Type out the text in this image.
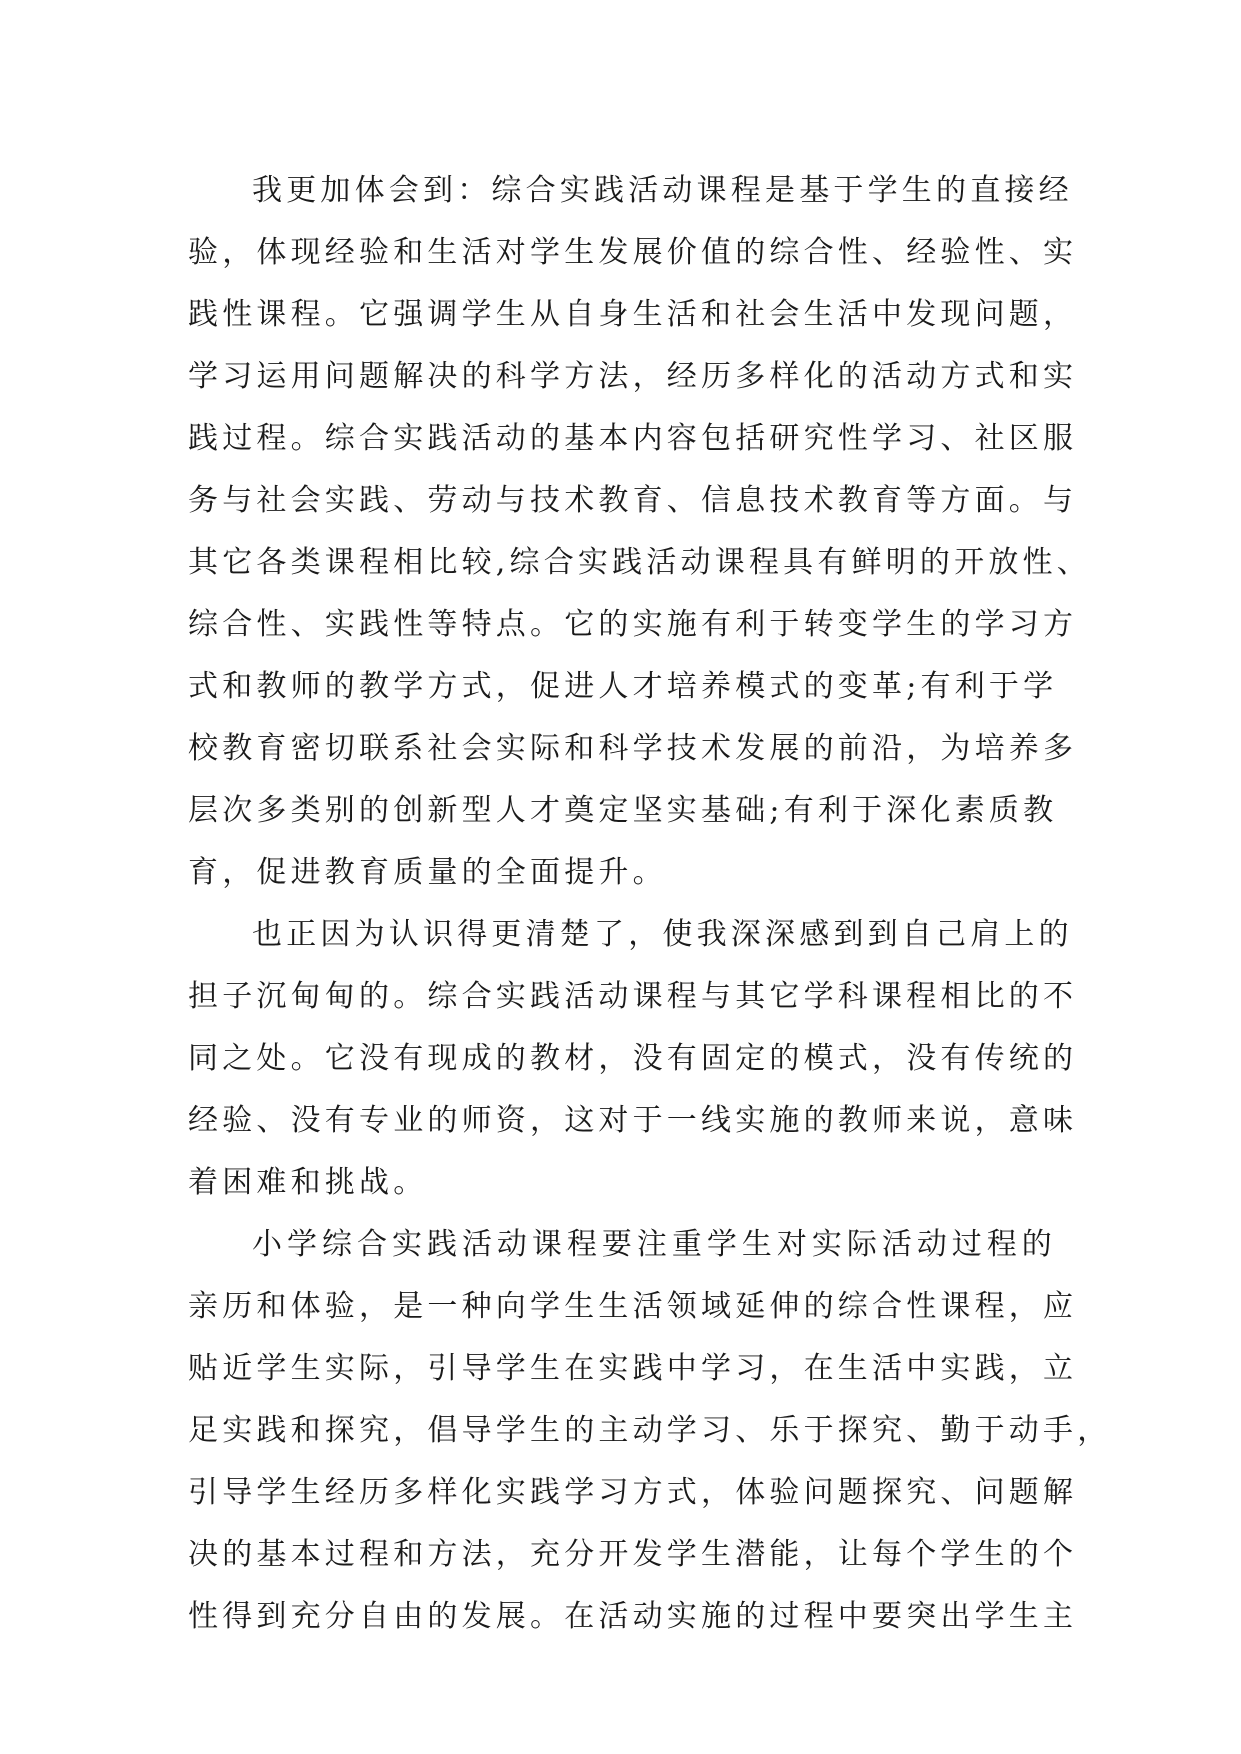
我更加体会到：综合实践活动课程是基于学生的直接经
验，体现经验和生活对学生发展价值的综合性、经验性、实
践性课程。它强调学生从自身生活和社会生活中发现问题，
学习运用问题解决的科学方法，经历多样化的活动方式和实
践过程。综合实践活动的基本内容包括研究性学习、社区服
务与社会实践、劳动与技术教育、信息技术教育等方面。与
其它各类课程相比较,综合实践活动课程具有鲜明的开放性、
综合性、实践性等特点。它的实施有利于转变学生的学习方
式和教师的教学方式，促进人才培养模式的变革;有利于学
校教育密切联系社会实际和科学技术发展的前沿，为培养多
层次多类别的创新型人才奠定坚实基础;有利于深化素质教
育，促进教育质量的全面提升。
也正因为认识得更清楚了，使我深深感到到自己肩上的
担子沉甸甸的。综合实践活动课程与其它学科课程相比的不
同之处。它没有现成的教材，没有固定的模式，没有传统的
经验、没有专业的师资，这对于一线实施的教师来说，意味
着困难和挑战。
小学综合实践活动课程要注重学生对实际活动过程的
亲历和体验，是一种向学生生活领域延伸的综合性课程，应
贴近学生实际，引导学生在实践中学习，在生活中实践，立
足实践和探究，倡导学生的主动学习、乐于探究、勤于动手，
引导学生经历多样化实践学习方式，体验问题探究、问题解
决的基本过程和方法，充分开发学生潜能，让每个学生的个
性得到充分自由的发展。在活动实施的过程中要突出学生主
